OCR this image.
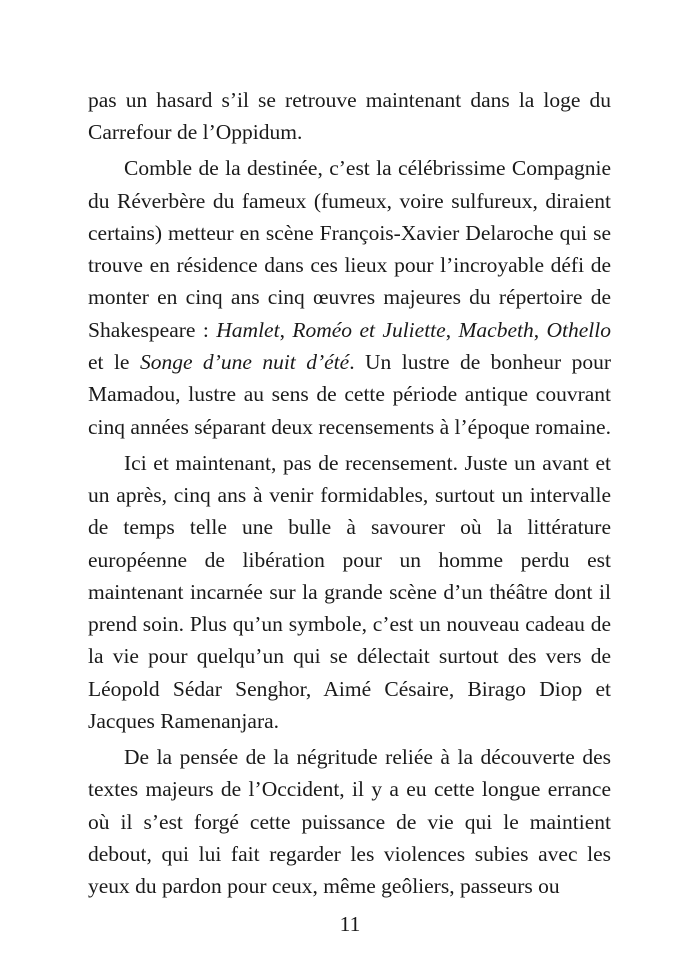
pas un hasard s’il se retrouve maintenant dans la loge du Carrefour de l’Oppidum.

Comble de la destinée, c’est la célébrissime Compagnie du Réverbère du fameux (fumeux, voire sulfureux, diraient certains) metteur en scène François-Xavier Delaroche qui se trouve en résidence dans ces lieux pour l’incroyable défi de monter en cinq ans cinq œuvres majeures du répertoire de Shakespeare : Hamlet, Roméo et Juliette, Macbeth, Othello et le Songe d’une nuit d’été. Un lustre de bonheur pour Mamadou, lustre au sens de cette période antique couvrant cinq années séparant deux recensements à l’époque romaine.

Ici et maintenant, pas de recensement. Juste un avant et un après, cinq ans à venir formidables, surtout un intervalle de temps telle une bulle à savourer où la littérature européenne de libération pour un homme perdu est maintenant incarnée sur la grande scène d’un théâtre dont il prend soin. Plus qu’un symbole, c’est un nouveau cadeau de la vie pour quelqu’un qui se délectait surtout des vers de Léopold Sédar Senghor, Aimé Césaire, Birago Diop et Jacques Ramenanjara.

De la pensée de la négritude reliée à la découverte des textes majeurs de l’Occident, il y a eu cette longue errance où il s’est forgé cette puissance de vie qui le maintient debout, qui lui fait regarder les violences subies avec les yeux du pardon pour ceux, même geôliers, passeurs ou

11
